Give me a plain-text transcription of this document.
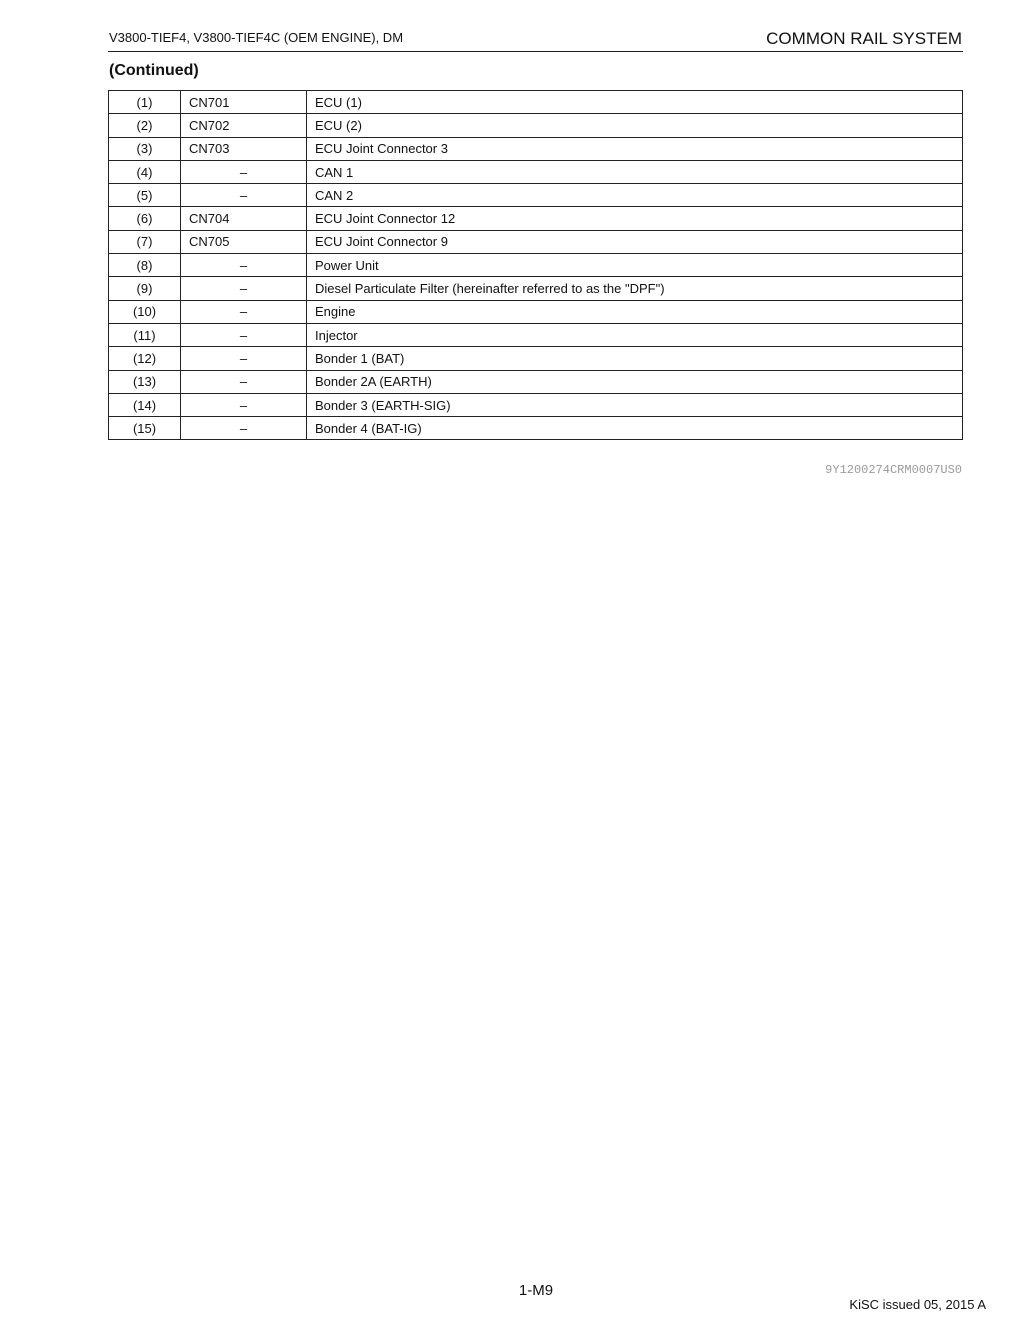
V3800-TIEF4, V3800-TIEF4C (OEM ENGINE), DM	COMMON RAIL SYSTEM
(Continued)
(1)	CN701	ECU (1)
(2)	CN702	ECU (2)
(3)	CN703	ECU Joint Connector 3
(4)	–	CAN 1
(5)	–	CAN 2
(6)	CN704	ECU Joint Connector 12
(7)	CN705	ECU Joint Connector 9
(8)	–	Power Unit
(9)	–	Diesel Particulate Filter (hereinafter referred to as the "DPF")
(10)	–	Engine
(11)	–	Injector
(12)	–	Bonder 1 (BAT)
(13)	–	Bonder 2A (EARTH)
(14)	–	Bonder 3 (EARTH-SIG)
(15)	–	Bonder 4 (BAT-IG)
9Y1200274CRM0007US0
1-M9
KiSC issued 05, 2015 A
